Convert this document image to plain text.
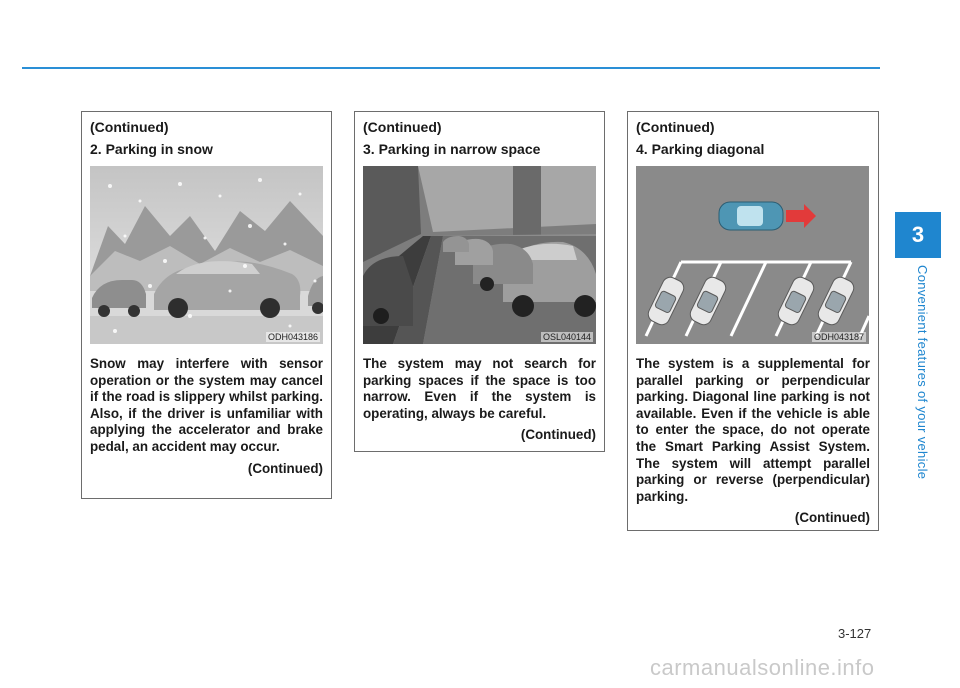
3
Convenient features of your vehicle
(Continued)
2. Parking in snow
ODH043186

Snow may interfere with sensor operation or the system may cancel if the road is slippery whilst parking. Also, if the driver is unfamiliar with applying the accelerator and brake pedal, an accident may occur.

(Continued)
(Continued)
3. Parking in narrow space
OSL040144

The system may not search for parking spaces if the space is too narrow. Even if the system is operating, always be careful.

(Continued)
(Continued)
4. Parking diagonal
ODH043187

The system is a supplemental for parallel parking or perpendicular parking. Diagonal line parking is not available. Even if the vehicle is able to enter the space, do not operate the Smart Parking Assist System. The system will attempt parallel parking or reverse (perpendicular) parking.

(Continued)
3-127
carmanualsonline.info
